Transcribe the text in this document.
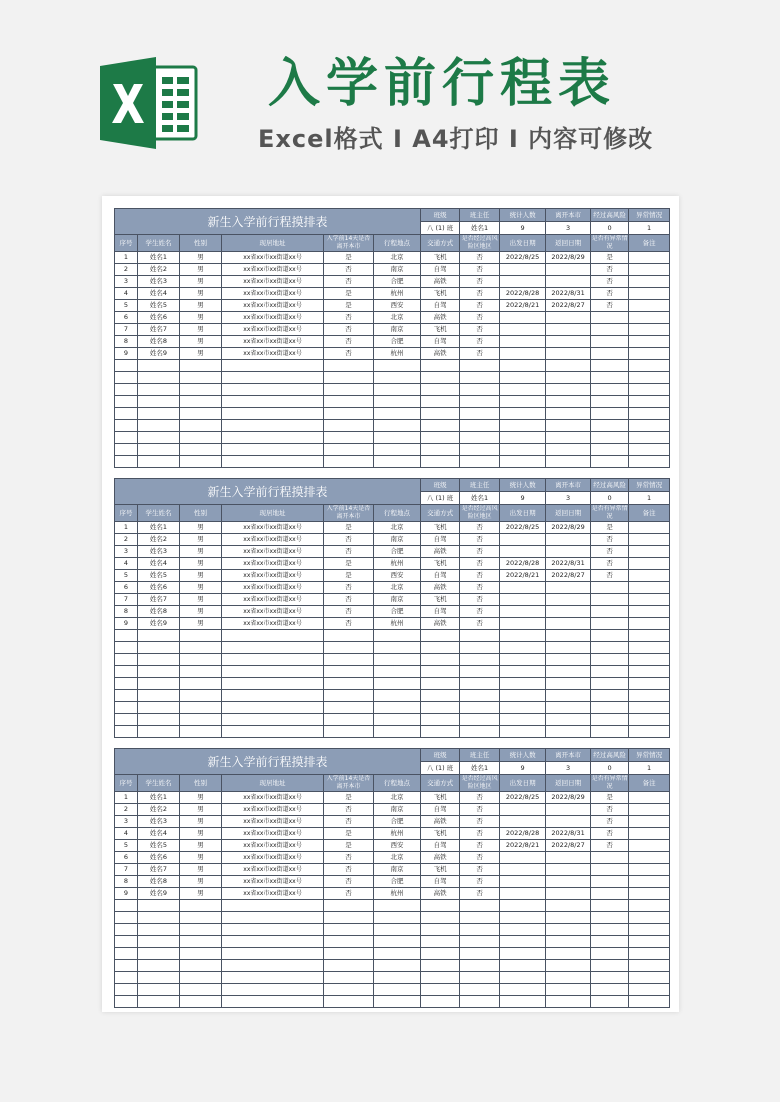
入学前行程表
Excel格式 I A4打印 I 内容可修改
新生入学前行程摸排表						班级	班主任	统计人数	离开本市	经过高风险	异常情况
						八 (1) 班	姓名1	9	3	0	1
序号	学生姓名	性别	现居地址	入学前14天是否离开本市	行程地点	交通方式	是否经过高风险区地区	出发日期	返回日期	是否有异常情况	备注
1	姓名1	男	xx省xx市xx街道xx号	是	北京	飞机	否	2022/8/25	2022/8/29	是	
2	姓名2	男	xx省xx市xx街道xx号	否	南京	自驾	否			否	
3	姓名3	男	xx省xx市xx街道xx号	否	合肥	高铁	否			否	
4	姓名4	男	xx省xx市xx街道xx号	是	杭州	飞机	否	2022/8/28	2022/8/31	否	
5	姓名5	男	xx省xx市xx街道xx号	是	西安	自驾	否	2022/8/21	2022/8/27	否	
6	姓名6	男	xx省xx市xx街道xx号	否	北京	高铁	否				
7	姓名7	男	xx省xx市xx街道xx号	否	南京	飞机	否				
8	姓名8	男	xx省xx市xx街道xx号	否	合肥	自驾	否				
9	姓名9	男	xx省xx市xx街道xx号	否	杭州	高铁	否				

新生入学前行程摸排表						班级	班主任	统计人数	离开本市	经过高风险	异常情况
						八 (1) 班	姓名1	9	3	0	1
序号	学生姓名	性别	现居地址	入学前14天是否离开本市	行程地点	交通方式	是否经过高风险区地区	出发日期	返回日期	是否有异常情况	备注
1	姓名1	男	xx省xx市xx街道xx号	是	北京	飞机	否	2022/8/25	2022/8/29	是	
2	姓名2	男	xx省xx市xx街道xx号	否	南京	自驾	否			否	
3	姓名3	男	xx省xx市xx街道xx号	否	合肥	高铁	否			否	
4	姓名4	男	xx省xx市xx街道xx号	是	杭州	飞机	否	2022/8/28	2022/8/31	否	
5	姓名5	男	xx省xx市xx街道xx号	是	西安	自驾	否	2022/8/21	2022/8/27	否	
6	姓名6	男	xx省xx市xx街道xx号	否	北京	高铁	否				
7	姓名7	男	xx省xx市xx街道xx号	否	南京	飞机	否				
8	姓名8	男	xx省xx市xx街道xx号	否	合肥	自驾	否				
9	姓名9	男	xx省xx市xx街道xx号	否	杭州	高铁	否				

新生入学前行程摸排表						班级	班主任	统计人数	离开本市	经过高风险	异常情况
						八 (1) 班	姓名1	9	3	0	1
序号	学生姓名	性别	现居地址	入学前14天是否离开本市	行程地点	交通方式	是否经过高风险区地区	出发日期	返回日期	是否有异常情况	备注
1	姓名1	男	xx省xx市xx街道xx号	是	北京	飞机	否	2022/8/25	2022/8/29	是	
2	姓名2	男	xx省xx市xx街道xx号	否	南京	自驾	否			否	
3	姓名3	男	xx省xx市xx街道xx号	否	合肥	高铁	否			否	
4	姓名4	男	xx省xx市xx街道xx号	是	杭州	飞机	否	2022/8/28	2022/8/31	否	
5	姓名5	男	xx省xx市xx街道xx号	是	西安	自驾	否	2022/8/21	2022/8/27	否	
6	姓名6	男	xx省xx市xx街道xx号	否	北京	高铁	否				
7	姓名7	男	xx省xx市xx街道xx号	否	南京	飞机	否				
8	姓名8	男	xx省xx市xx街道xx号	否	合肥	自驾	否				
9	姓名9	男	xx省xx市xx街道xx号	否	杭州	高铁	否				
